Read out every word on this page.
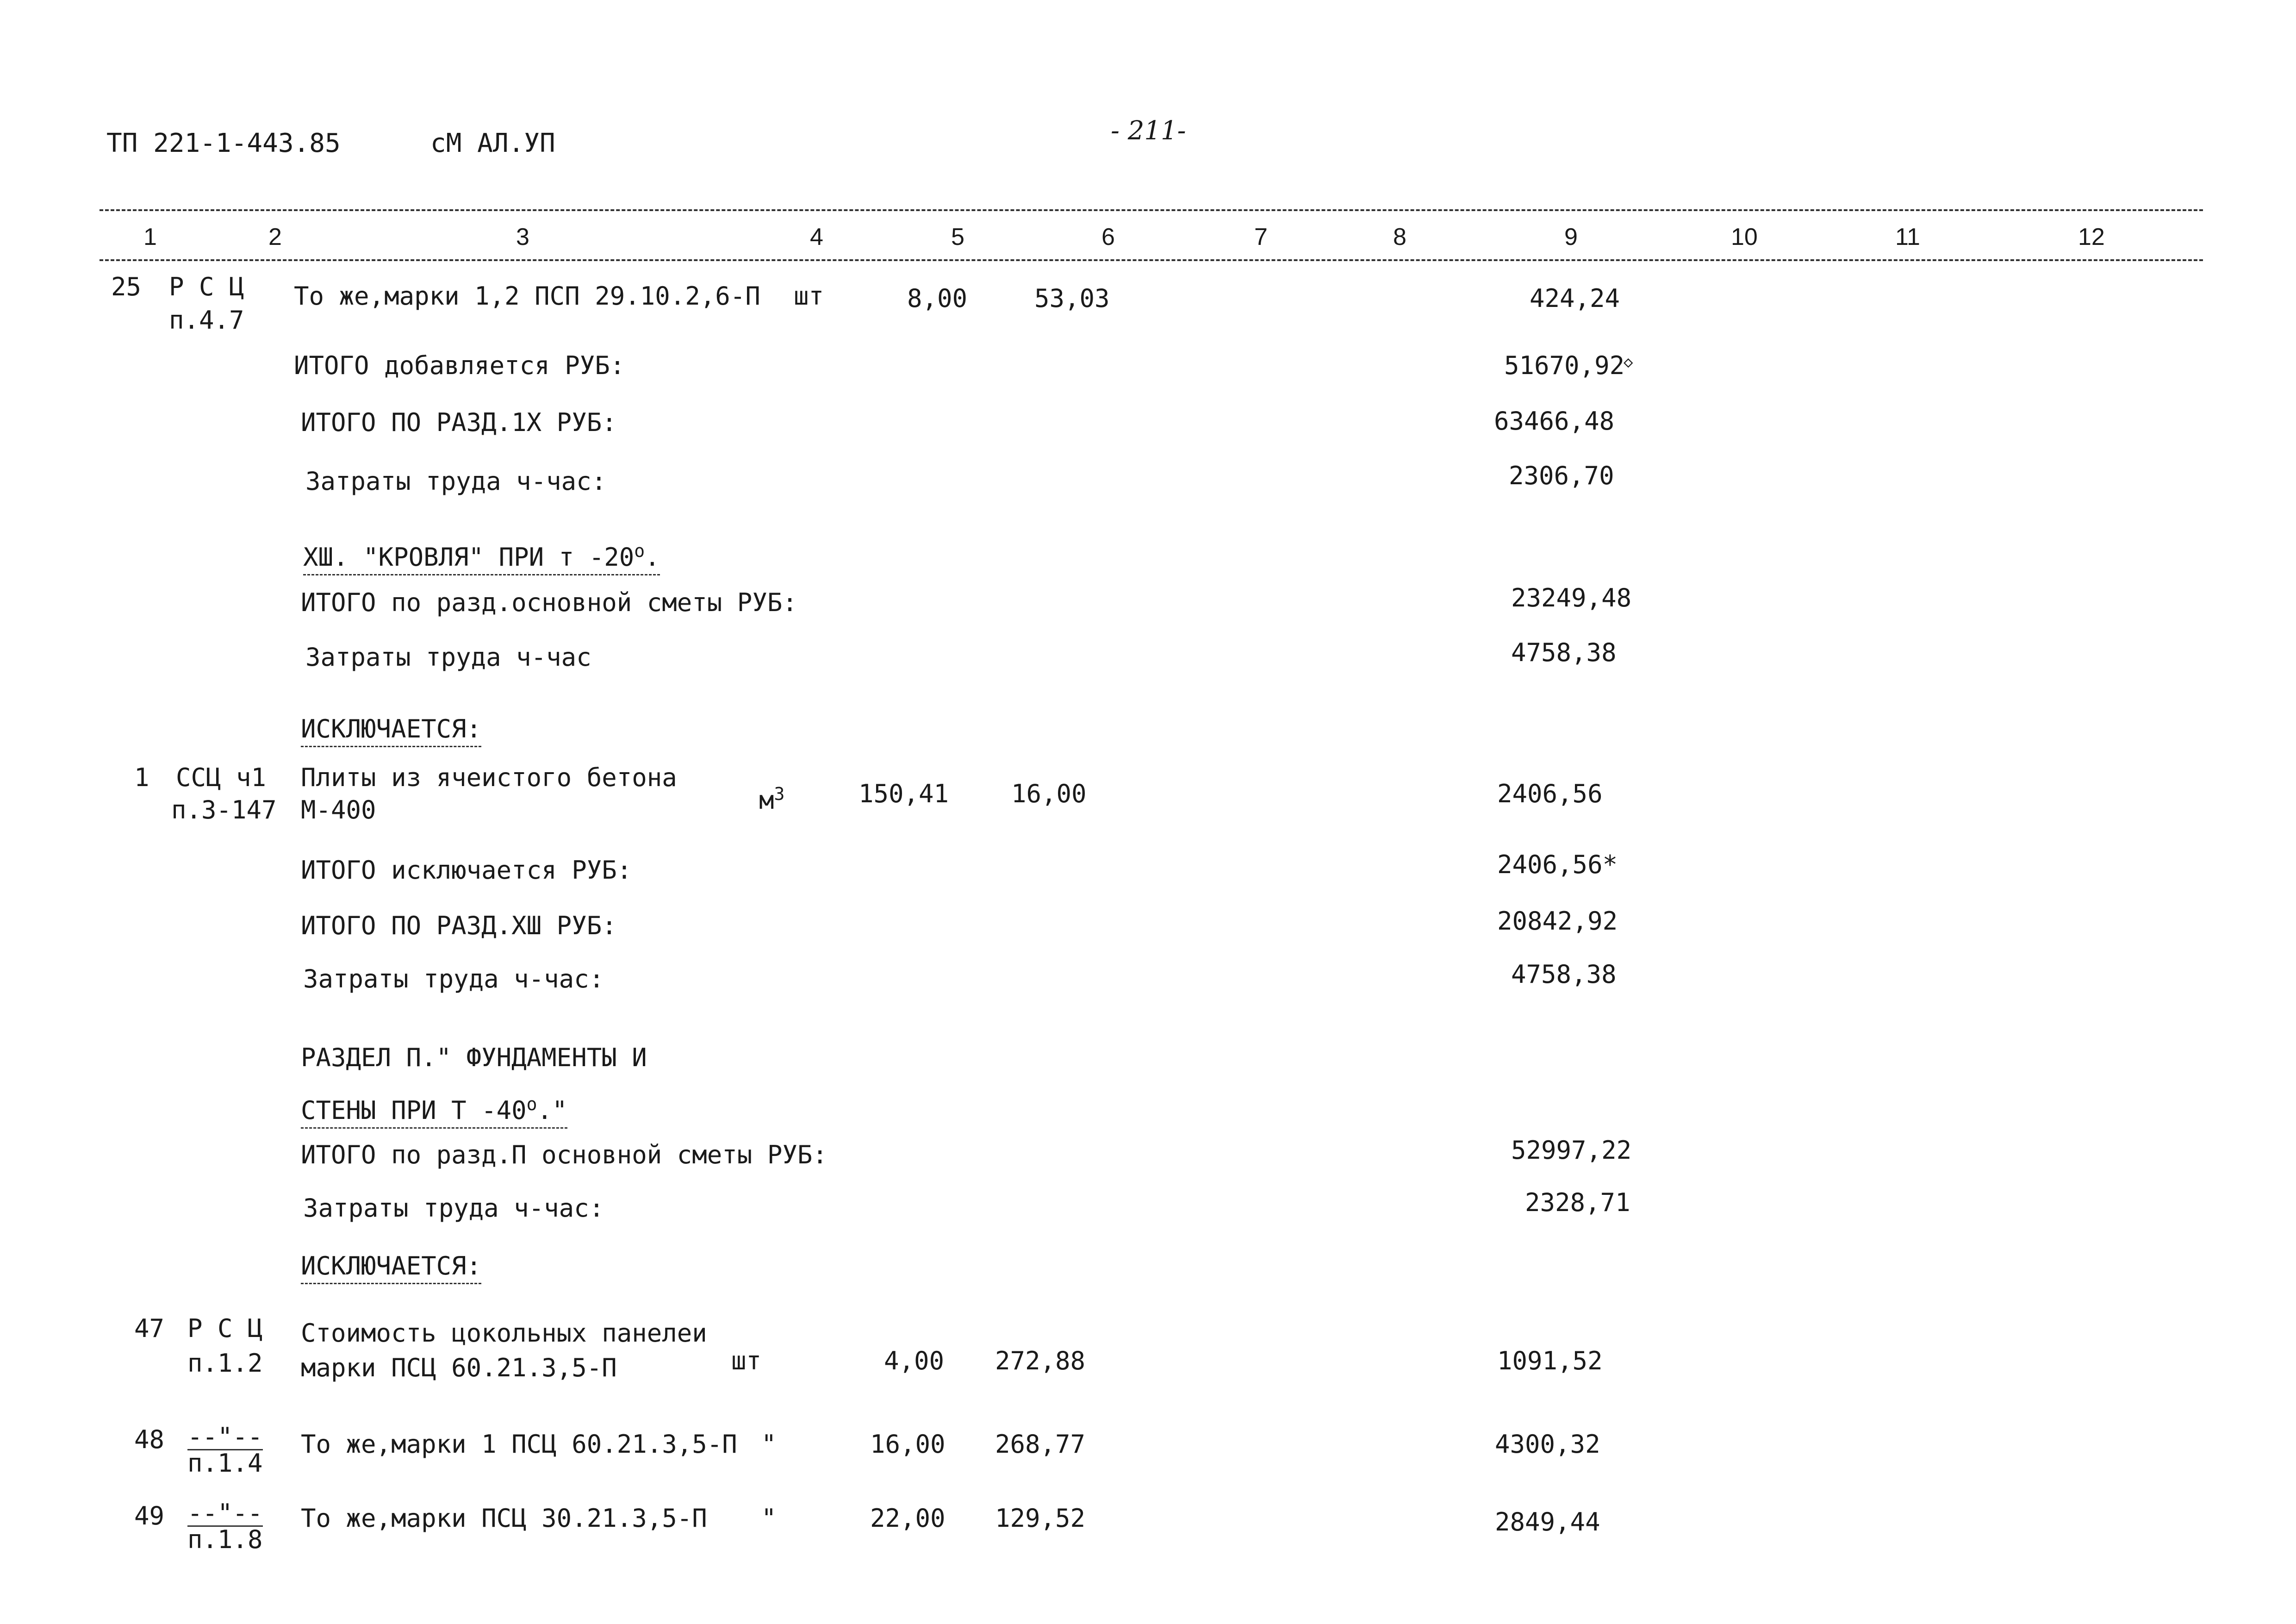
ТП 221-1-443.85	сМ АЛ.УП	- 211-
1	2	3	4	5	6	7	8	9	10	11	12
25 Р С Ц
п.4.7
То же,марки 1,2 ПСП 29.10.2,6-П шт	8,00	53,03	424,24
ИТОГО добавляется РУБ:	51670,92
◇
ИТОГО ПО РАЗД.1Х РУБ:	63466,48
Затраты труда ч-час:	2306,70
ХШ. "КРОВЛЯ" ПРИ т $-20^о$.
ИТОГО по разд.основной сметы РУБ:	23249,48
Затраты труда ч-час	4758,38
ИСКЛЮЧАЕТСЯ:
1 ССЦ ч1
п.3-147
Плиты из ячеистого бетона
М-400	$м^3$	150,41 16,00	2406,56
ИТОГО исключается РУБ:	2406,56*
ИТОГО ПО РАЗД.ХШ РУБ:	20842,92
Затраты труда ч-час:	4758,38
РАЗДЕЛ П." ФУНДАМЕНТЫ И
СТЕНЫ ПРИ Т $-40^о$."
ИТОГО по разд.П основной сметы РУБ:	52997,22
Затраты труда ч-час:	2328,71
ИСКЛЮЧАЕТСЯ:
47 Р С Ц
п.1.2
Стоимость цокольных панелеи
марки ПСЦ 60.21.3,5-П	шт	4,00 272,88	1091,52
48 --"--
п.1.4
То же,марки 1 ПСЦ 60.21.3,5-П "	16,00 268,77	4300,32
49 --"--
п.1.8
То же,марки ПСЦ 30.21.3,5-П "	22,00 129,52	2849,44
